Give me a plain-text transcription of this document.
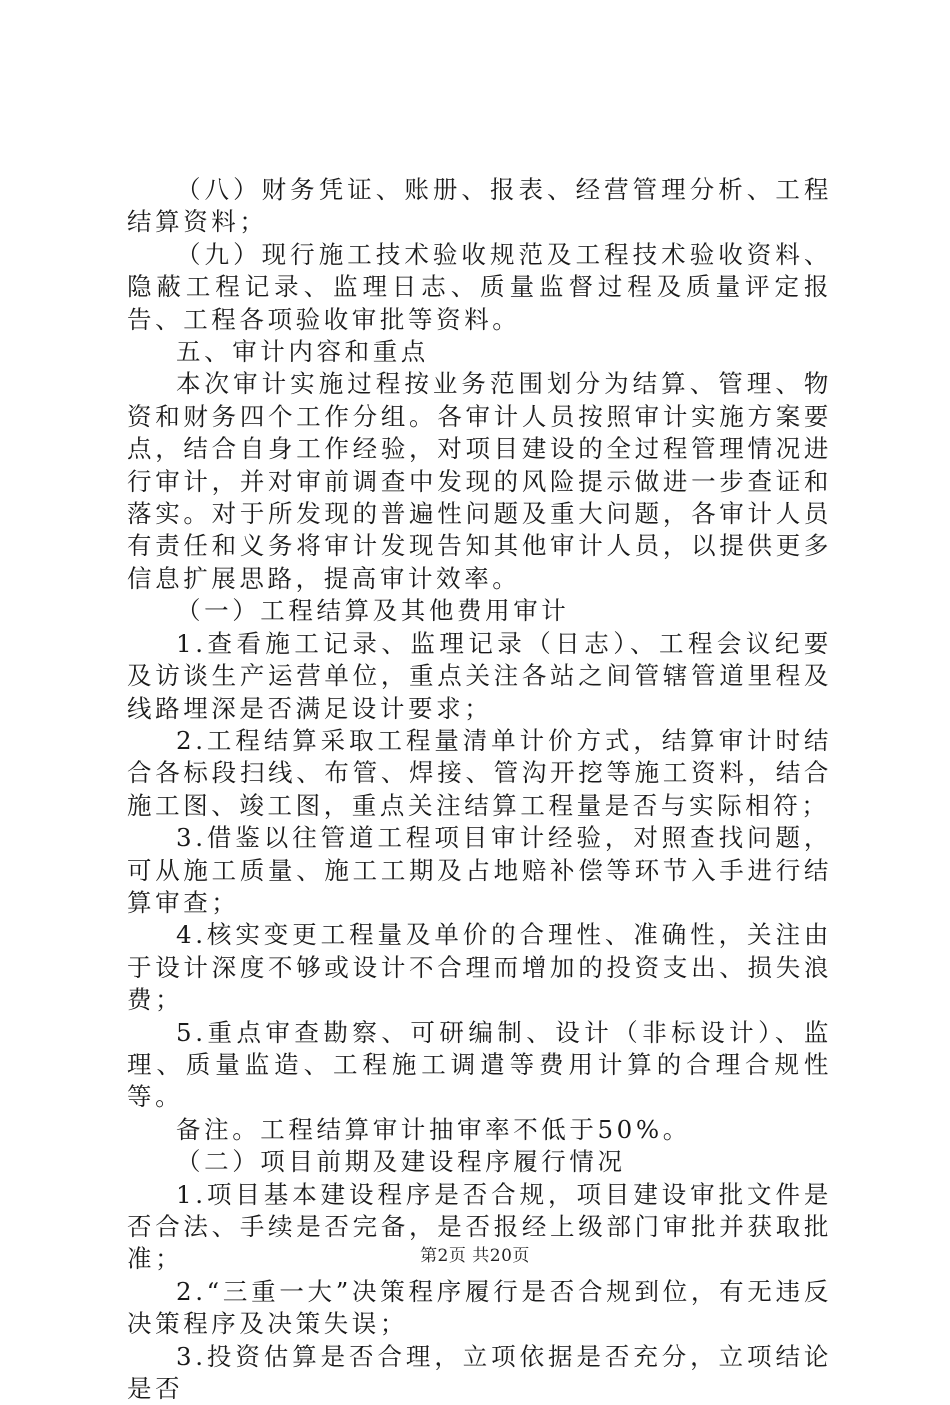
（八）财务凭证、账册、报表、经营管理分析、工程结算资料；

（九）现行施工技术验收规范及工程技术验收资料、隐蔽工程记录、监理日志、质量监督过程及质量评定报告、工程各项验收审批等资料。

五、审计内容和重点

本次审计实施过程按业务范围划分为结算、管理、物资和财务四个工作分组。各审计人员按照审计实施方案要点，结合自身工作经验，对项目建设的全过程管理情况进行审计，并对审前调查中发现的风险提示做进一步查证和落实。对于所发现的普遍性问题及重大问题，各审计人员有责任和义务将审计发现告知其他审计人员，以提供更多信息扩展思路，提高审计效率。

（一）工程结算及其他费用审计

1.查看施工记录、监理记录（日志）、工程会议纪要及访谈生产运营单位，重点关注各站之间管辖管道里程及线路埋深是否满足设计要求；

2.工程结算采取工程量清单计价方式，结算审计时结合各标段扫线、布管、焊接、管沟开挖等施工资料，结合施工图、竣工图，重点关注结算工程量是否与实际相符；

3.借鉴以往管道工程项目审计经验，对照查找问题，可从施工质量、施工工期及占地赔补偿等环节入手进行结算审查；

4.核实变更工程量及单价的合理性、准确性，关注由于设计深度不够或设计不合理而增加的投资支出、损失浪费；

5.重点审查勘察、可研编制、设计（非标设计）、监理、质量监造、工程施工调遣等费用计算的合理合规性等。

备注。工程结算审计抽审率不低于50%。

（二）项目前期及建设程序履行情况

1.项目基本建设程序是否合规，项目建设审批文件是否合法、手续是否完备，是否报经上级部门审批并获取批准；

2.“三重一大”决策程序履行是否合规到位，有无违反决策程序及决策失误；

3.投资估算是否合理，立项依据是否充分，立项结论是否

第2页 共20页
